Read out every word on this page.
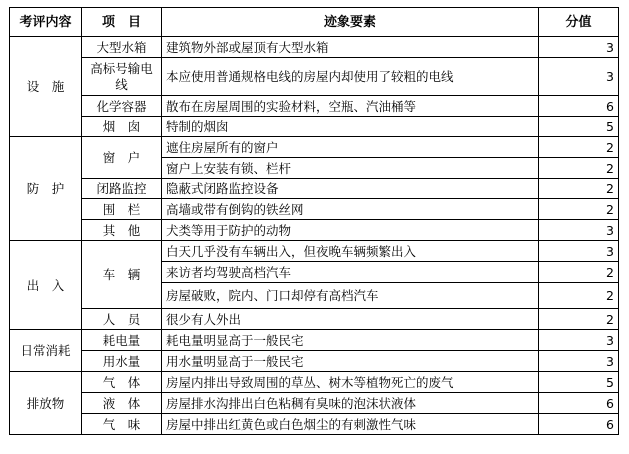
考评内容	项　目	迹象要素	分值
设　施	大型水箱	建筑物外部或屋顶有大型水箱	3
	高标号输电线	本应使用普通规格电线的房屋内却使用了较粗的电线	3
	化学容器	散布在房屋周围的实验材料，空瓶、汽油桶等	6
	烟　囱	特制的烟囱	5
防　护	窗　户	遮住房屋所有的窗户	2
		窗户上安装有锁、栏杆	2
	闭路监控	隐蔽式闭路监控设备	2
	围　栏	高墙或带有倒钩的铁丝网	2
	其　他	犬类等用于防护的动物	3
出　入	车　辆	白天几乎没有车辆出入，但夜晚车辆频繁出入	3
		来访者均驾驶高档汽车	2
		房屋破败，院内、门口却停有高档汽车	2
	人　员	很少有人外出	2
日常消耗	耗电量	耗电量明显高于一般民宅	3
	用水量	用水量明显高于一般民宅	3
排放物	气　体	房屋内排出导致周围的草丛、树木等植物死亡的废气	5
	液　体	房屋排水沟排出白色粘稠有臭味的泡沫状液体	6
	气　味	房屋中排出红黄色或白色烟尘的有刺激性气味	6
